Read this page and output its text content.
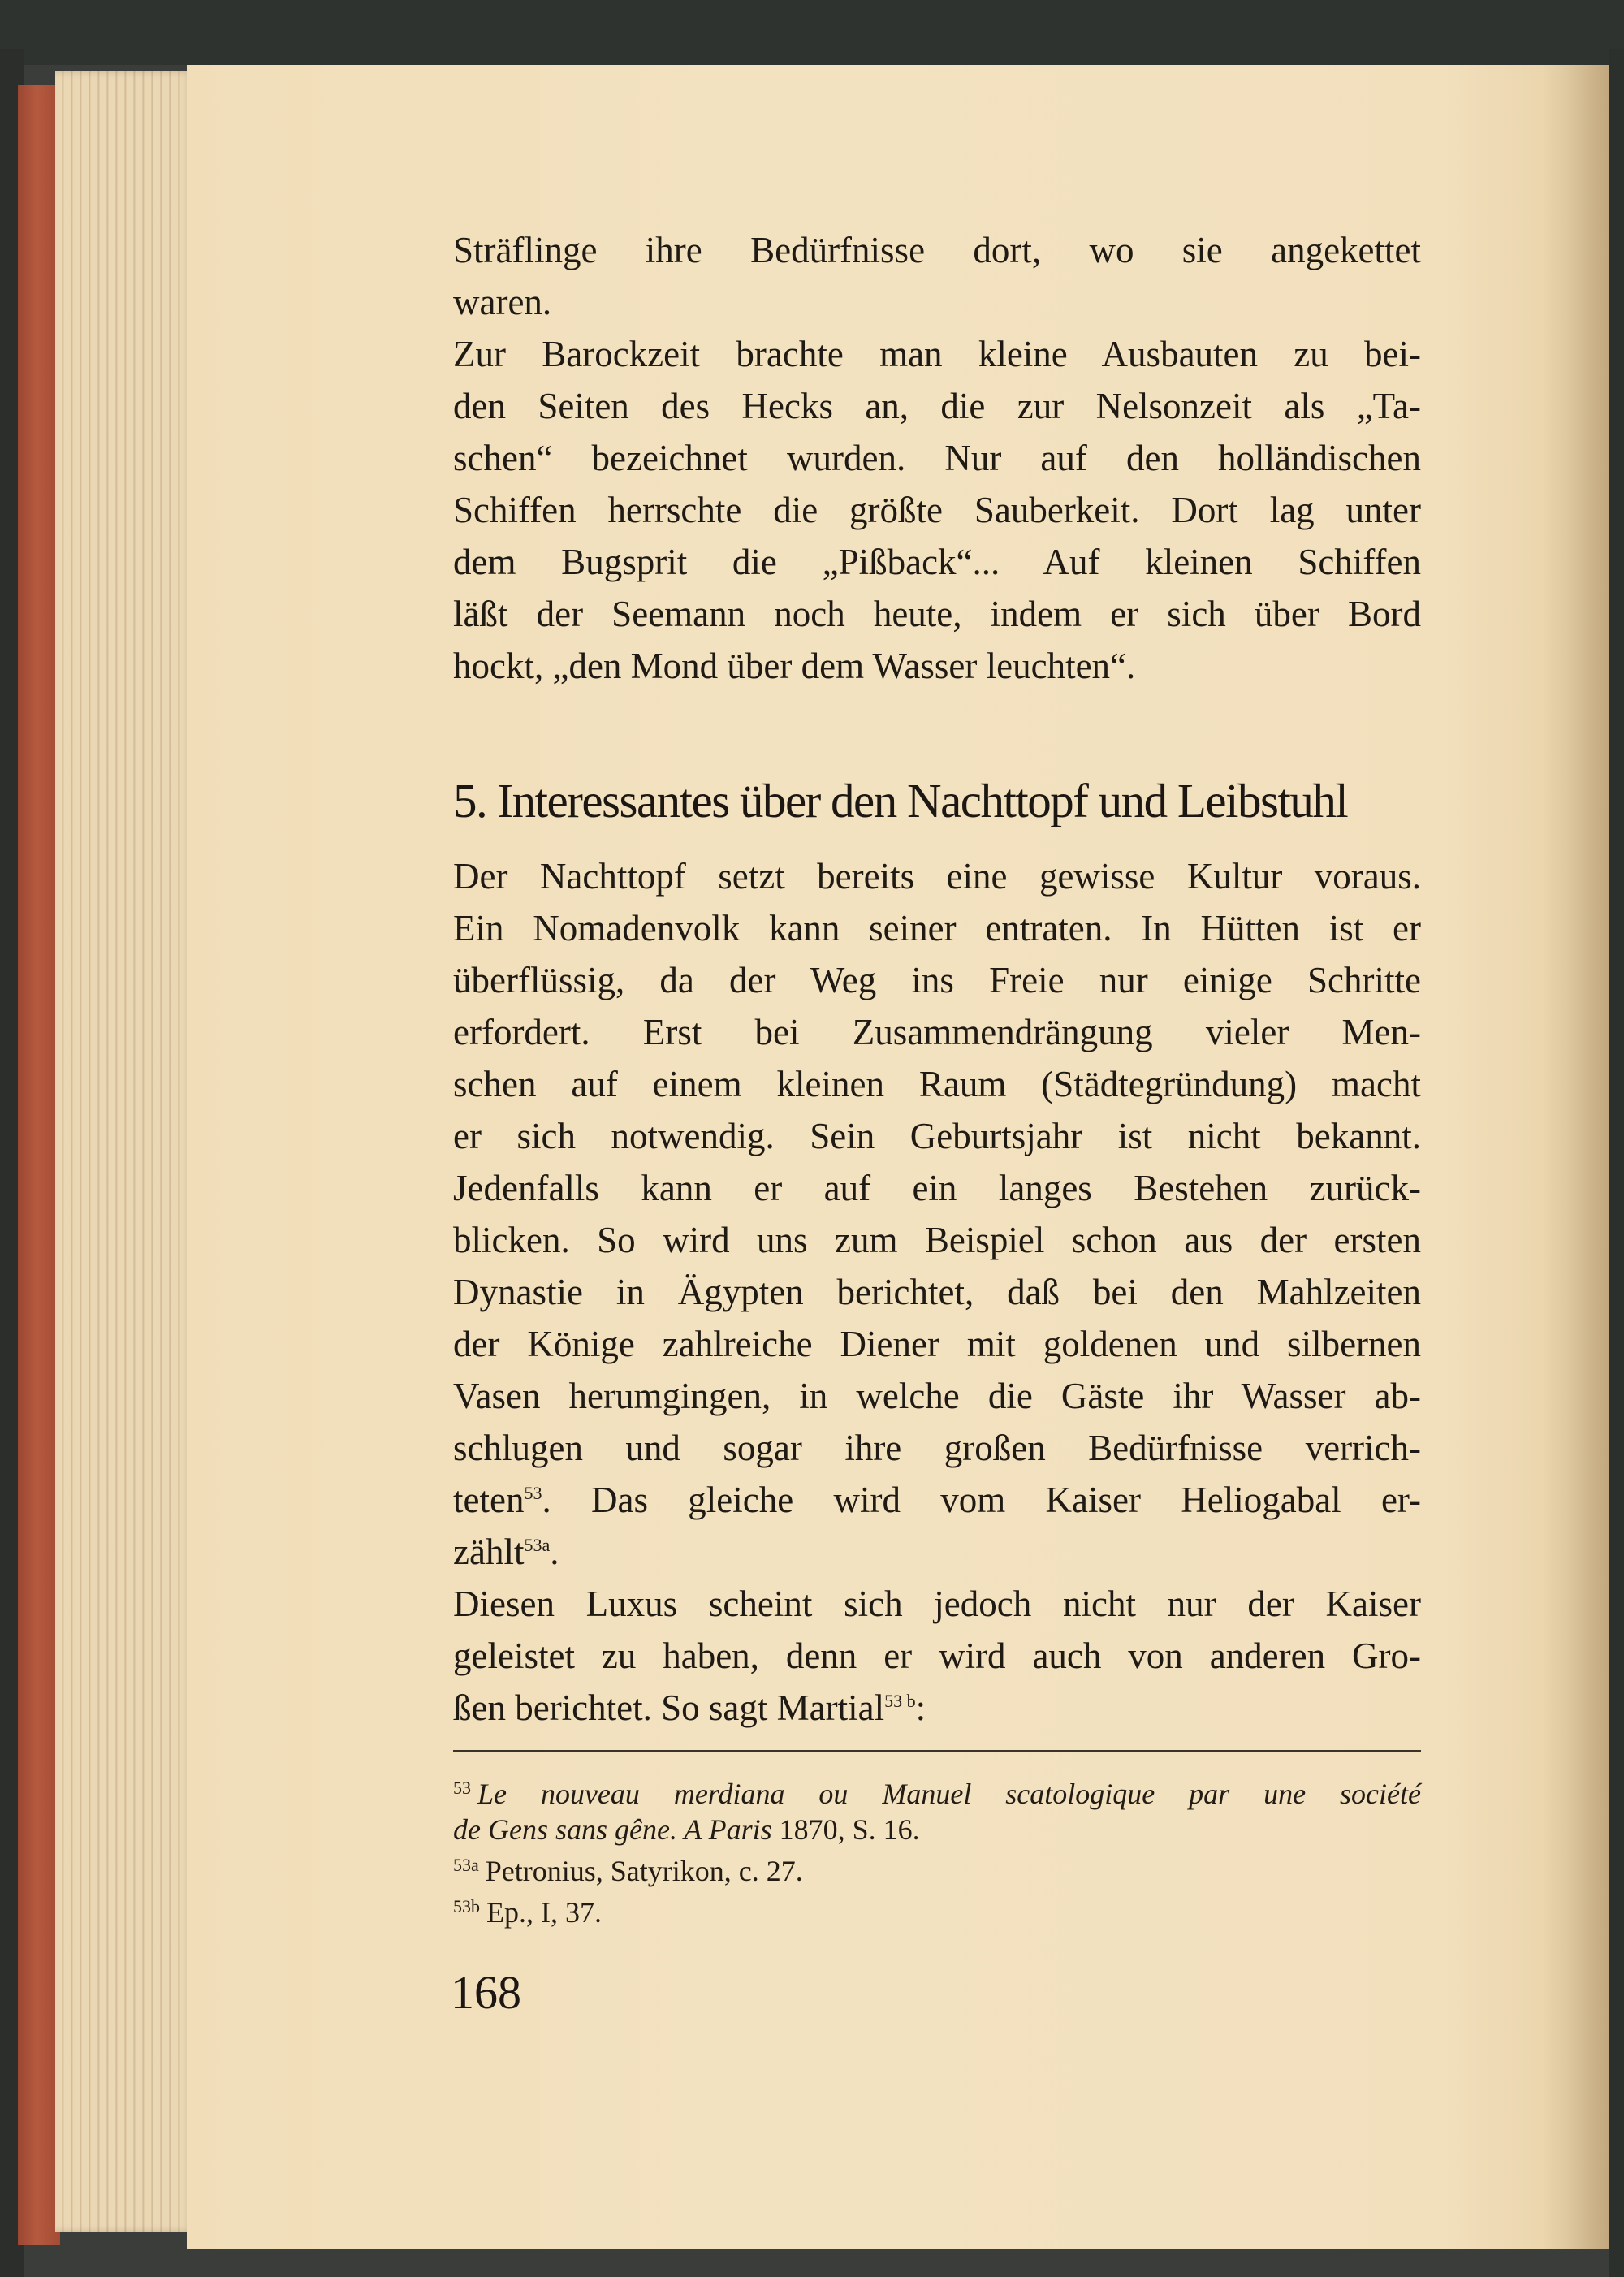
Sträflinge ihre Bedürfnisse dort, wo sie angekettet
waren.
Zur Barockzeit brachte man kleine Ausbauten zu bei-
den Seiten des Hecks an, die zur Nelsonzeit als „Ta-
schen“ bezeichnet wurden. Nur auf den holländischen
Schiffen herrschte die größte Sauberkeit. Dort lag unter
dem Bugsprit die „Pißback“... Auf kleinen Schiffen
läßt der Seemann noch heute, indem er sich über Bord
hockt, „den Mond über dem Wasser leuchten“.
5. Interessantes über den Nachttopf und Leibstuhl
Der Nachttopf setzt bereits eine gewisse Kultur voraus.
Ein Nomadenvolk kann seiner entraten. In Hütten ist er
überflüssig, da der Weg ins Freie nur einige Schritte
erfordert. Erst bei Zusammendrängung vieler Men-
schen auf einem kleinen Raum (Städtegründung) macht
er sich notwendig. Sein Geburtsjahr ist nicht bekannt.
Jedenfalls kann er auf ein langes Bestehen zurück-
blicken. So wird uns zum Beispiel schon aus der ersten
Dynastie in Ägypten berichtet, daß bei den Mahlzeiten
der Könige zahlreiche Diener mit goldenen und silbernen
Vasen herumgingen, in welche die Gäste ihr Wasser ab-
schlugen und sogar ihre großen Bedürfnisse verrich-
teten$^{53}$. Das gleiche wird vom Kaiser Heliogabal er-
zählt$^{53a}$.
Diesen Luxus scheint sich jedoch nicht nur der Kaiser
geleistet zu haben, denn er wird auch von anderen Gro-
ßen berichtet. So sagt Martial$^{53 b}$:
$^{53}$ Le nouveau merdiana ou Manuel scatologique par une société
de Gens sans gêne. A Paris 1870, S. 16.
$^{53a}$ Petronius, Satyrikon, c. 27.
$^{53b}$ Ep., I, 37.
168
